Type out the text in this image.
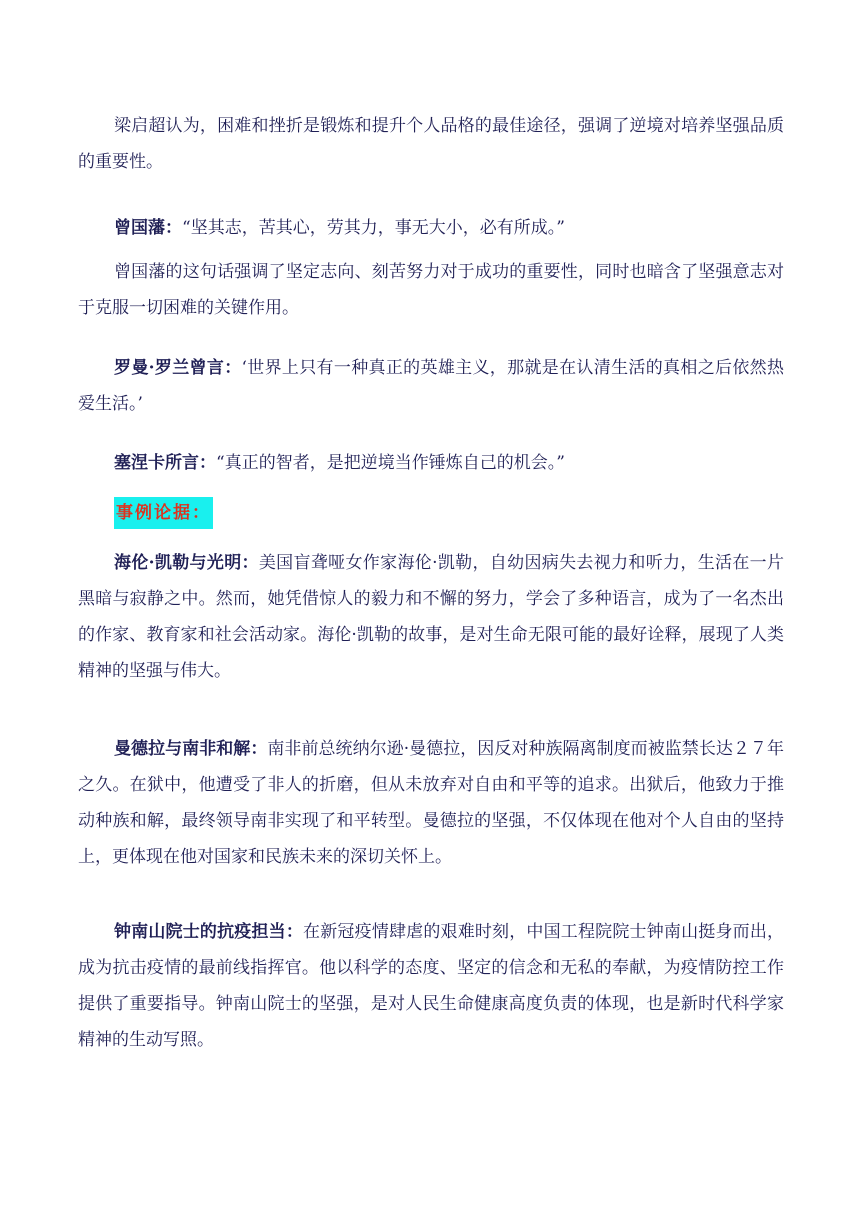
梁启超认为，困难和挫折是锻炼和提升个人品格的最佳途径，强调了逆境对培养坚强品质的重要性。

曾国藩：“坚其志，苦其心，劳其力，事无大小，必有所成。”

曾国藩的这句话强调了坚定志向、刻苦努力对于成功的重要性，同时也暗含了坚强意志对于克服一切困难的关键作用。

罗曼·罗兰曾言：‘世界上只有一种真正的英雄主义，那就是在认清生活的真相之后依然热爱生活。’

塞涅卡所言：“真正的智者，是把逆境当作锤炼自己的机会。”

事例论据：

海伦·凯勒与光明：美国盲聋哑女作家海伦·凯勒，自幼因病失去视力和听力，生活在一片黑暗与寂静之中。然而，她凭借惊人的毅力和不懈的努力，学会了多种语言，成为了一名杰出的作家、教育家和社会活动家。海伦·凯勒的故事，是对生命无限可能的最好诠释，展现了人类精神的坚强与伟大。

曼德拉与南非和解：南非前总统纳尔逊·曼德拉，因反对种族隔离制度而被监禁长达２７年之久。在狱中，他遭受了非人的折磨，但从未放弃对自由和平等的追求。出狱后，他致力于推动种族和解，最终领导南非实现了和平转型。曼德拉的坚强，不仅体现在他对个人自由的坚持上，更体现在他对国家和民族未来的深切关怀上。

钟南山院士的抗疫担当：在新冠疫情肆虐的艰难时刻，中国工程院院士钟南山挺身而出，成为抗击疫情的最前线指挥官。他以科学的态度、坚定的信念和无私的奉献，为疫情防控工作提供了重要指导。钟南山院士的坚强，是对人民生命健康高度负责的体现，也是新时代科学家精神的生动写照。
